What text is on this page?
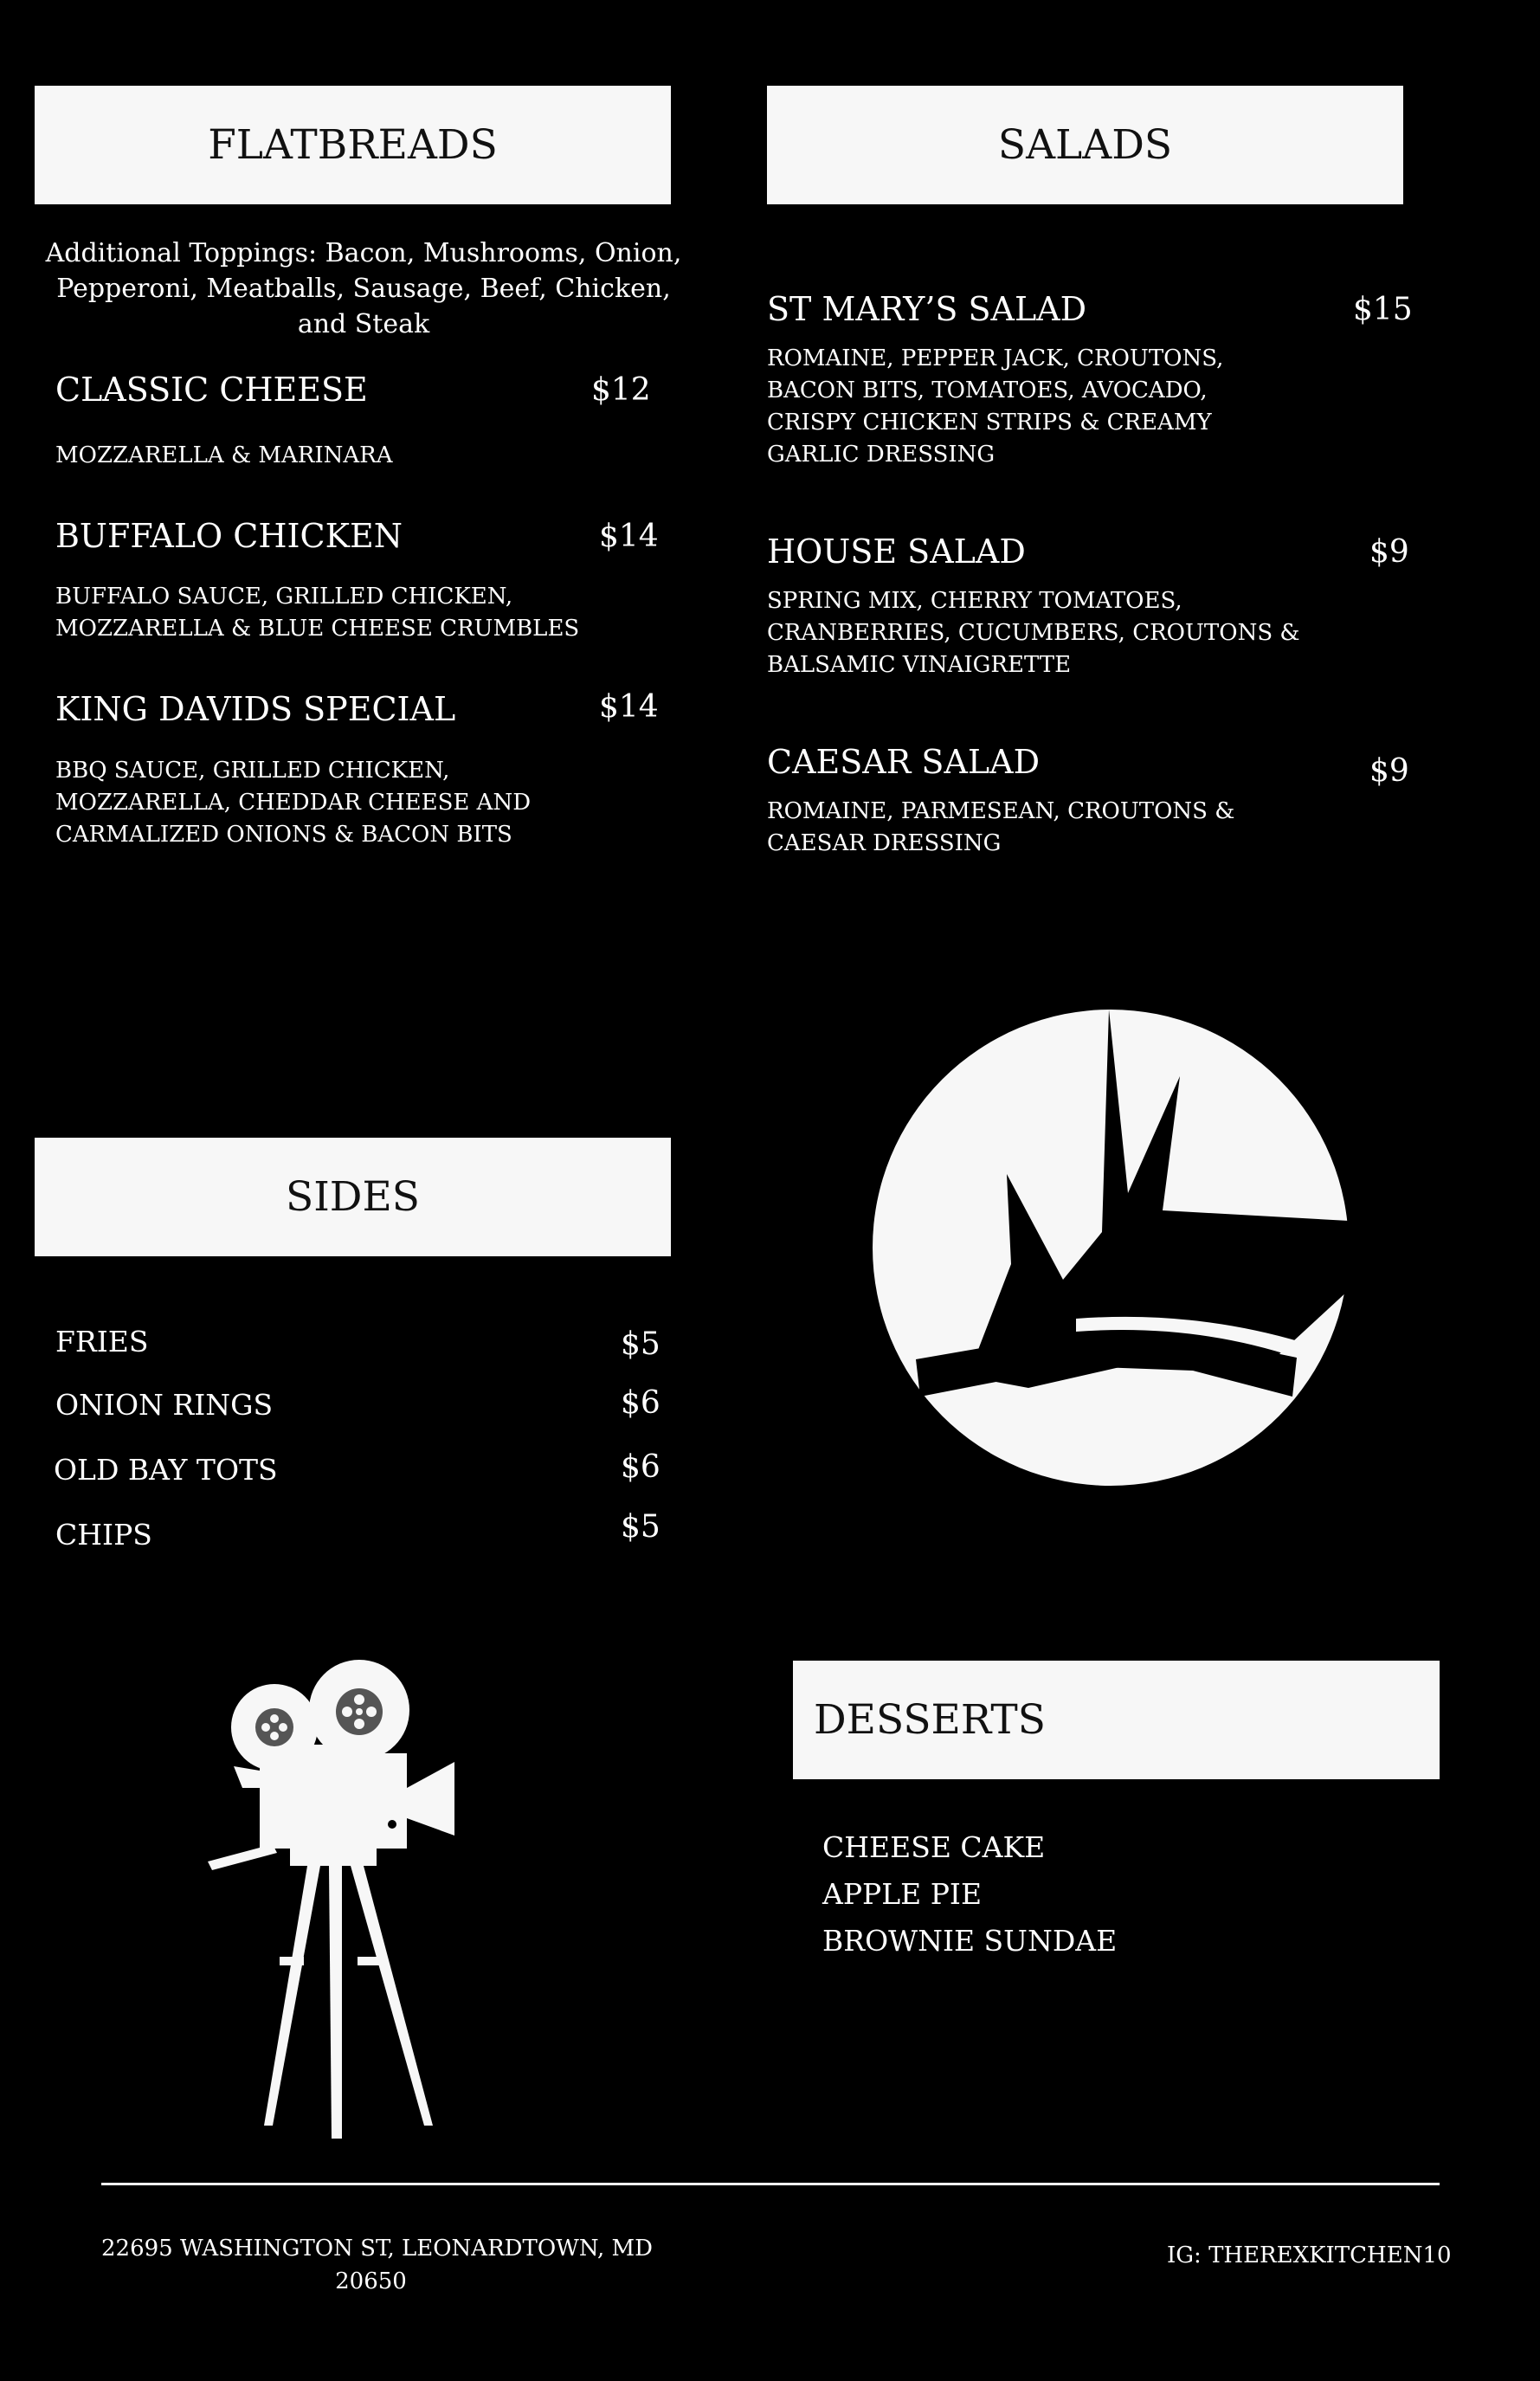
FLATBREADS
Additional Toppings: Bacon, Mushrooms, Onion, Pepperoni, Meatballs, Sausage, Beef, Chicken, and Steak
CLASSIC CHEESE	$12
MOZZARELLA & MARINARA
BUFFALO CHICKEN	$14
BUFFALO SAUCE, GRILLED CHICKEN,
MOZZARELLA & BLUE CHEESE CRUMBLES
KING DAVIDS SPECIAL	$14
BBQ SAUCE, GRILLED CHICKEN,
MOZZARELLA, CHEDDAR CHEESE AND
CARMALIZED ONIONS & BACON BITS
SALADS
ST MARY’S SALAD	$15
ROMAINE, PEPPER JACK, CROUTONS,
BACON BITS, TOMATOES, AVOCADO,
CRISPY CHICKEN STRIPS & CREAMY
GARLIC DRESSING
HOUSE SALAD	$9
SPRING MIX, CHERRY TOMATOES,
CRANBERRIES, CUCUMBERS, CROUTONS &
BALSAMIC VINAIGRETTE
CAESAR SALAD	$9
ROMAINE, PARMESEAN, CROUTONS &
CAESAR DRESSING
SIDES
FRIES	$5
ONION RINGS	$6
OLD BAY TOTS	$6
CHIPS	$5
DESSERTS
CHEESE CAKE
APPLE PIE
BROWNIE SUNDAE
22695 WASHINGTON ST, LEONARDTOWN, MD
20650
IG: THEREXKITCHEN10
